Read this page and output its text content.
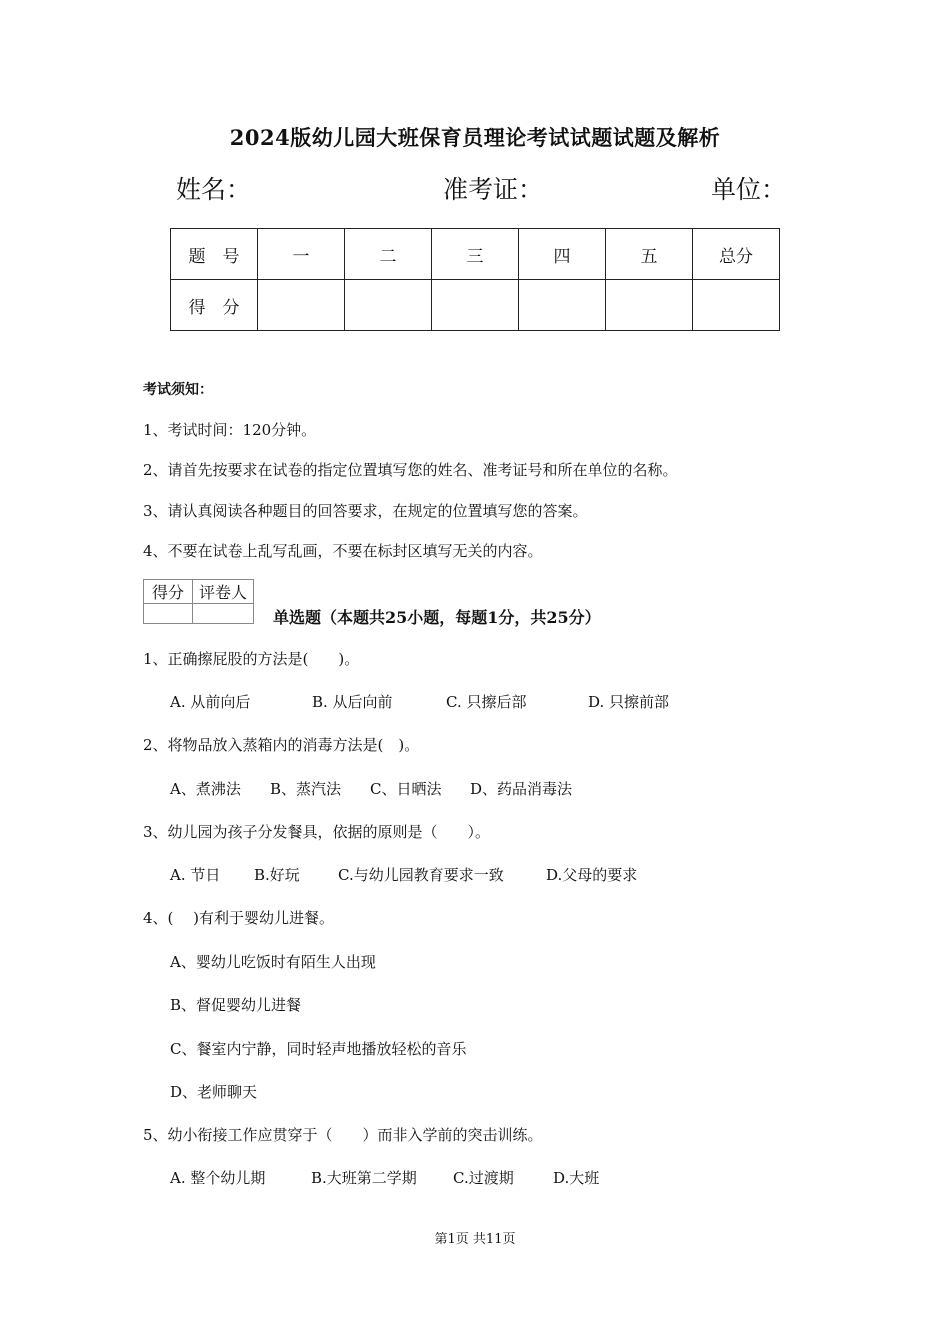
2024版幼儿园大班保育员理论考试试题试题及解析
姓名：	准考证：	单位：
题　号	一	二	三	四	五	总分
得　分						
考试须知：
1、考试时间：120分钟。
2、请首先按要求在试卷的指定位置填写您的姓名、准考证号和所在单位的名称。
3、请认真阅读各种题目的回答要求，在规定的位置填写您的答案。
4、不要在试卷上乱写乱画，不要在标封区填写无关的内容。
得分	评卷人

单选题（本题共25小题，每题1分，共25分）
1、正确擦屁股的方法是(　　)。
A. 从前向后	B. 从后向前	C. 只擦后部	D. 只擦前部
2、将物品放入蒸箱内的消毒方法是(　)。
A、煮沸法 B、蒸汽法 C、日晒法 D、药品消毒法
3、幼儿园为孩子分发餐具，依据的原则是（　　）。
A. 节日 B.好玩	C.与幼儿园教育要求一致	D.父母的要求
4、(　 )有利于婴幼儿进餐。
A、婴幼儿吃饭时有陌生人出现
B、督促婴幼儿进餐
C、餐室内宁静，同时轻声地播放轻松的音乐
D、老师聊天
5、幼小衔接工作应贯穿于（　　）而非入学前的突击训练。
A. 整个幼儿期	B.大班第二学期 C.过渡期	D.大班
第1页 共11页
